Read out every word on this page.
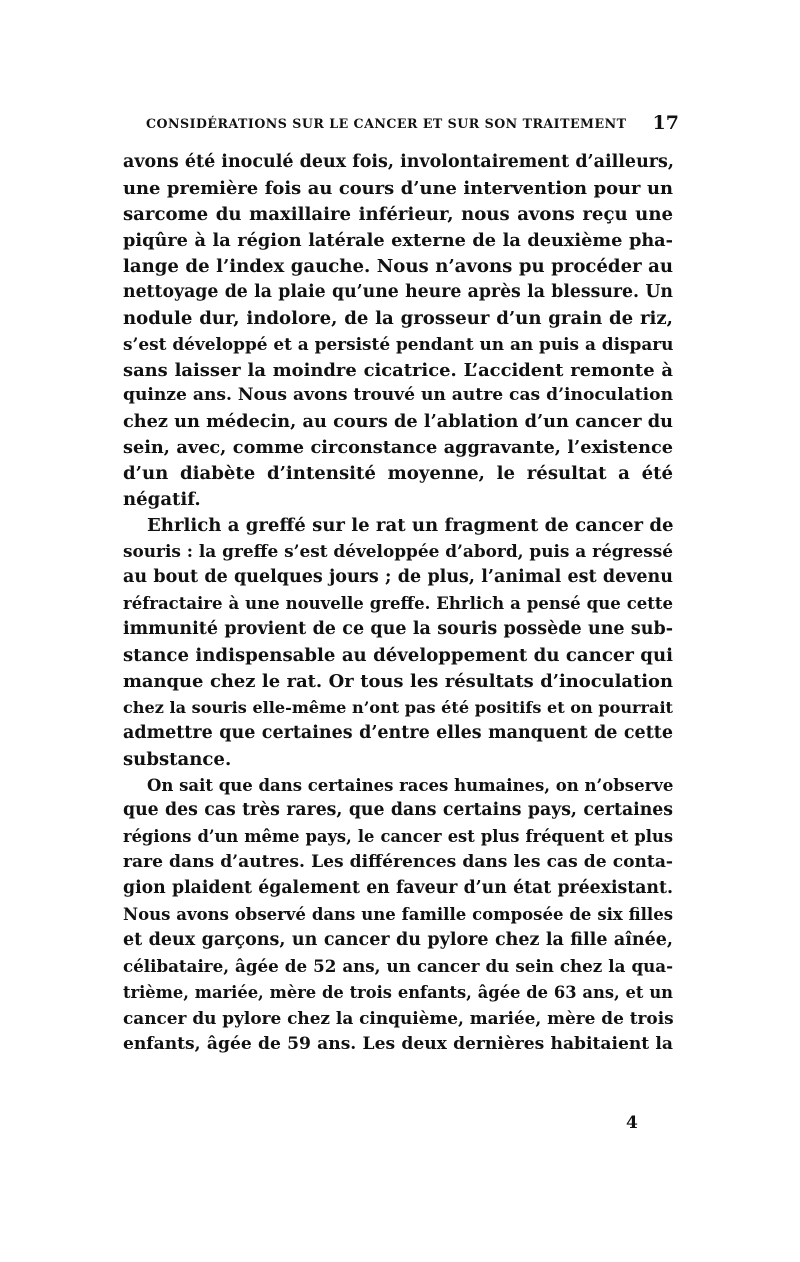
CONSIDÉRATIONS SUR LE CANCER ET SUR SON TRAITEMENT 17
avons été inoculé deux fois, involontairement d’ailleurs,
une première fois au cours d’une intervention pour un
sarcome du maxillaire inférieur, nous avons reçu une
piqûre à la région latérale externe de la deuxième pha-
lange de l’index gauche. Nous n’avons pu procéder au
nettoyage de la plaie qu’une heure après la blessure. Un
nodule dur, indolore, de la grosseur d’un grain de riz,
s’est développé et a persisté pendant un an puis a disparu
sans laisser la moindre cicatrice. L’accident remonte à
quinze ans. Nous avons trouvé un autre cas d’inoculation
chez un médecin, au cours de l’ablation d’un cancer du
sein, avec, comme circonstance aggravante, l’existence
d’un diabète d’intensité moyenne, le résultat a été
négatif.
Ehrlich a greffé sur le rat un fragment de cancer de
souris : la greffe s’est développée d’abord, puis a régressé
au bout de quelques jours ; de plus, l’animal est devenu
réfractaire à une nouvelle greffe. Ehrlich a pensé que cette
immunité provient de ce que la souris possède une sub-
stance indispensable au développement du cancer qui
manque chez le rat. Or tous les résultats d’inoculation
chez la souris elle-même n’ont pas été positifs et on pourrait
admettre que certaines d’entre elles manquent de cette
substance.
On sait que dans certaines races humaines, on n’observe
que des cas très rares, que dans certains pays, certaines
régions d’un même pays, le cancer est plus fréquent et plus
rare dans d’autres. Les différences dans les cas de conta-
gion plaident également en faveur d’un état préexistant.
Nous avons observé dans une famille composée de six filles
et deux garçons, un cancer du pylore chez la fille aînée,
célibataire, âgée de 52 ans, un cancer du sein chez la qua-
trième, mariée, mère de trois enfants, âgée de 63 ans, et un
cancer du pylore chez la cinquième, mariée, mère de trois
enfants, âgée de 59 ans. Les deux dernières habitaient la
4
